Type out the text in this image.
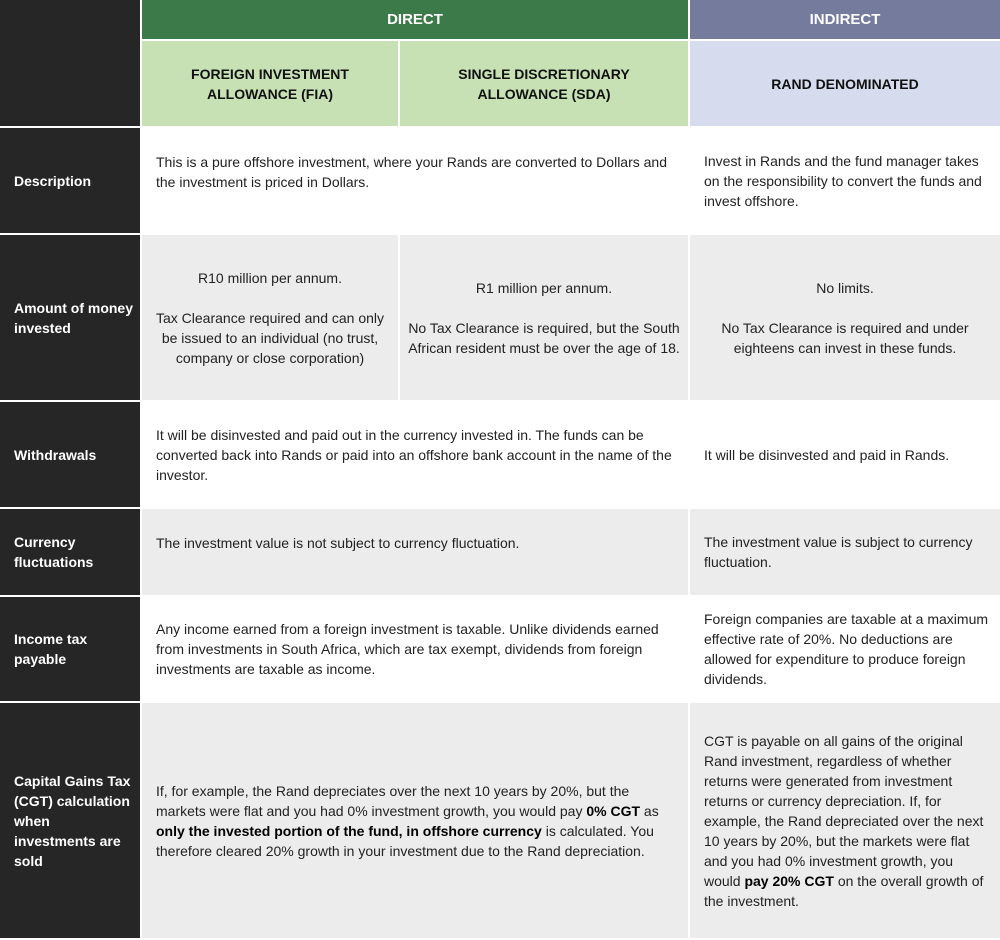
DIRECT	INDIRECT
FOREIGN INVESTMENT ALLOWANCE (FIA)
SINGLE DISCRETIONARY ALLOWANCE (SDA)
RAND DENOMINATED
Description

This is a pure offshore investment, where your Rands are converted to Dollars and the investment is priced in Dollars.

Invest in Rands and the fund manager takes on the responsibility to convert the funds and invest offshore.

Amount of money invested

R10 million per annum.

Tax Clearance required and can only be issued to an individual (no trust, company or close corporation)

R1 million per annum.

No Tax Clearance is required, but the South African resident must be over the age of 18.

No limits.

No Tax Clearance is required and under eighteens can invest in these funds.

Withdrawals

It will be disinvested and paid out in the currency invested in. The funds can be converted back into Rands or paid into an offshore bank account in the name of the investor.

It will be disinvested and paid in Rands.

Currency fluctuations

The investment value is not subject to currency fluctuation.	The investment value is subject to currency fluctuation.

Income tax payable

Any income earned from a foreign investment is taxable. Unlike dividends earned from investments in South Africa, which are tax exempt, dividends from foreign investments are taxable as income.

Foreign companies are taxable at a maximum effective rate of 20%. No deductions are allowed for expenditure to produce foreign dividends.

Capital Gains Tax (CGT) calculation when investments are sold

If, for example, the Rand depreciates over the next 10 years by 20%, but the markets were flat and you had 0% investment growth, you would pay 0% CGT as only the invested portion of the fund, in offshore currency is calculated. You therefore cleared 20% growth in your investment due to the Rand depreciation.

CGT is payable on all gains of the original Rand investment, regardless of whether returns were generated from investment returns or currency depreciation. If, for example, the Rand depreciated over the next 10 years by 20%, but the markets were flat and you had 0% investment growth, you would pay 20% CGT on the overall growth of the investment.
